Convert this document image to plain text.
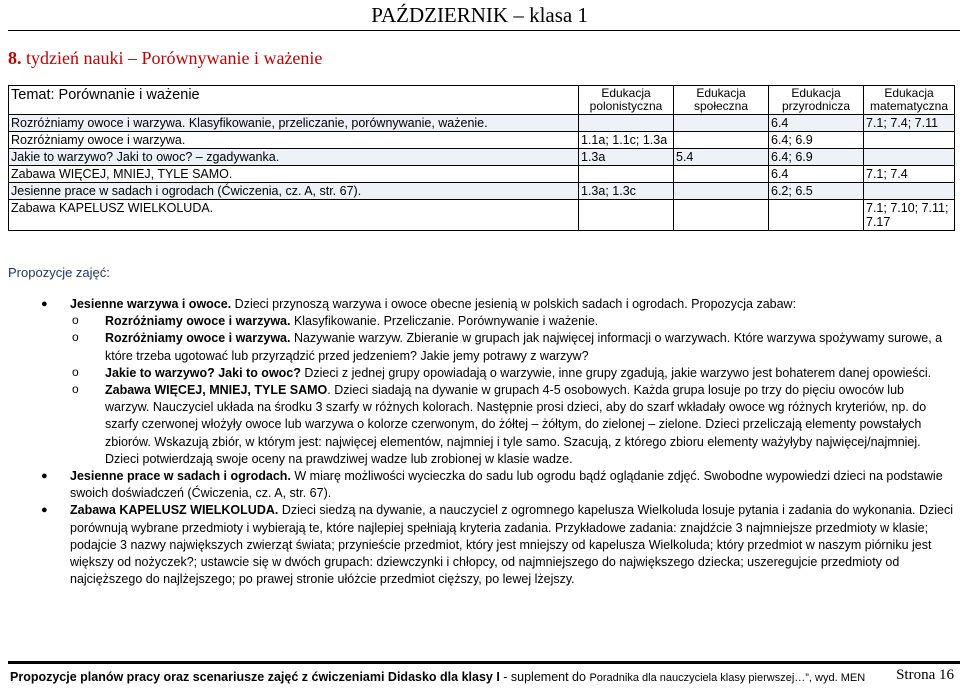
PAŹDZIERNIK – klasa 1
8. tydzień nauki – Porównywanie i ważenie
Temat: Porównanie i ważenie	Edukacja polonistyczna	Edukacja społeczna	Edukacja przyrodnicza	Edukacja matematyczna
Rozróżniamy owoce i warzywa. Klasyfikowanie, przeliczanie, porównywanie, ważenie.			6.4	7.1; 7.4; 7.11
Rozróżniamy owoce i warzywa.	1.1a; 1.1c; 1.3a		6.4; 6.9	
Jakie to warzywo? Jaki to owoc? – zgadywanka.	1.3a	5.4	6.4; 6.9	
Zabawa WIĘCEJ, MNIEJ, TYLE SAMO.			6.4	7.1; 7.4
Jesienne prace w sadach i ogrodach (Ćwiczenia, cz. A, str. 67).	1.3a; 1.3c		6.2; 6.5	
Zabawa KAPELUSZ WIELKOLUDA.				7.1; 7.10; 7.11; 7.17
Propozycje zajęć:
● Jesienne warzywa i owoce. Dzieci przynoszą warzywa i owoce obecne jesienią w polskich sadach i ogrodach. Propozycja zabaw:
o Rozróżniamy owoce i warzywa. Klasyfikowanie. Przeliczanie. Porównywanie i ważenie.
o Rozróżniamy owoce i warzywa. Nazywanie warzyw. Zbieranie w grupach jak najwięcej informacji o warzywach. Które warzywa spożywamy surowe, a które trzeba ugotować lub przyrządzić przed jedzeniem? Jakie jemy potrawy z warzyw?
o Jakie to warzywo? Jaki to owoc? Dzieci z jednej grupy opowiadają o warzywie, inne grupy zgadują, jakie warzywo jest bohaterem danej opowieści.
o Zabawa WIĘCEJ, MNIEJ, TYLE SAMO. Dzieci siadają na dywanie w grupach 4-5 osobowych. Każda grupa losuje po trzy do pięciu owoców lub warzyw. Nauczyciel układa na środku 3 szarfy w różnych kolorach. Następnie prosi dzieci, aby do szarf wkładały owoce wg różnych kryteriów, np. do szarfy czerwonej włożyły owoce lub warzywa o kolorze czerwonym, do żółtej – żółtym, do zielonej – zielone. Dzieci przeliczają elementy powstałych zbiorów. Wskazują zbiór, w którym jest: najwięcej elementów, najmniej i tyle samo. Szacują, z którego zbioru elementy ważyłyby najwięcej/najmniej. Dzieci potwierdzają swoje oceny na prawdziwej wadze lub zrobionej w klasie wadze.
● Jesienne prace w sadach i ogrodach. W miarę możliwości wycieczka do sadu lub ogrodu bądź oglądanie zdjęć. Swobodne wypowiedzi dzieci na podstawie swoich doświadczeń (Ćwiczenia, cz. A, str. 67).
● Zabawa KAPELUSZ WIELKOLUDA. Dzieci siedzą na dywanie, a nauczyciel z ogromnego kapelusza Wielkoluda losuje pytania i zadania do wykonania. Dzieci porównują wybrane przedmioty i wybierają te, które najlepiej spełniają kryteria zadania. Przykładowe zadania: znajdźcie 3 najmniejsze przedmioty w klasie; podajcie 3 nazwy największych zwierząt świata; przynieście przedmiot, który jest mniejszy od kapelusza Wielkoluda; który przedmiot w naszym piórniku jest większy od nożyczek?; ustawcie się w dwóch grupach: dziewczynki i chłopcy, od najmniejszego do największego dziecka; uszeregujcie przedmioty od najcięższego do najlżejszego; po prawej stronie ułóżcie przedmiot cięższy, po lewej lżejszy.
Propozycje planów pracy oraz scenariusze zajęć z ćwiczeniami Didasko dla klasy I - suplement do Poradnika dla nauczyciela klasy pierwszej…”, wyd. MEN Strona 16
